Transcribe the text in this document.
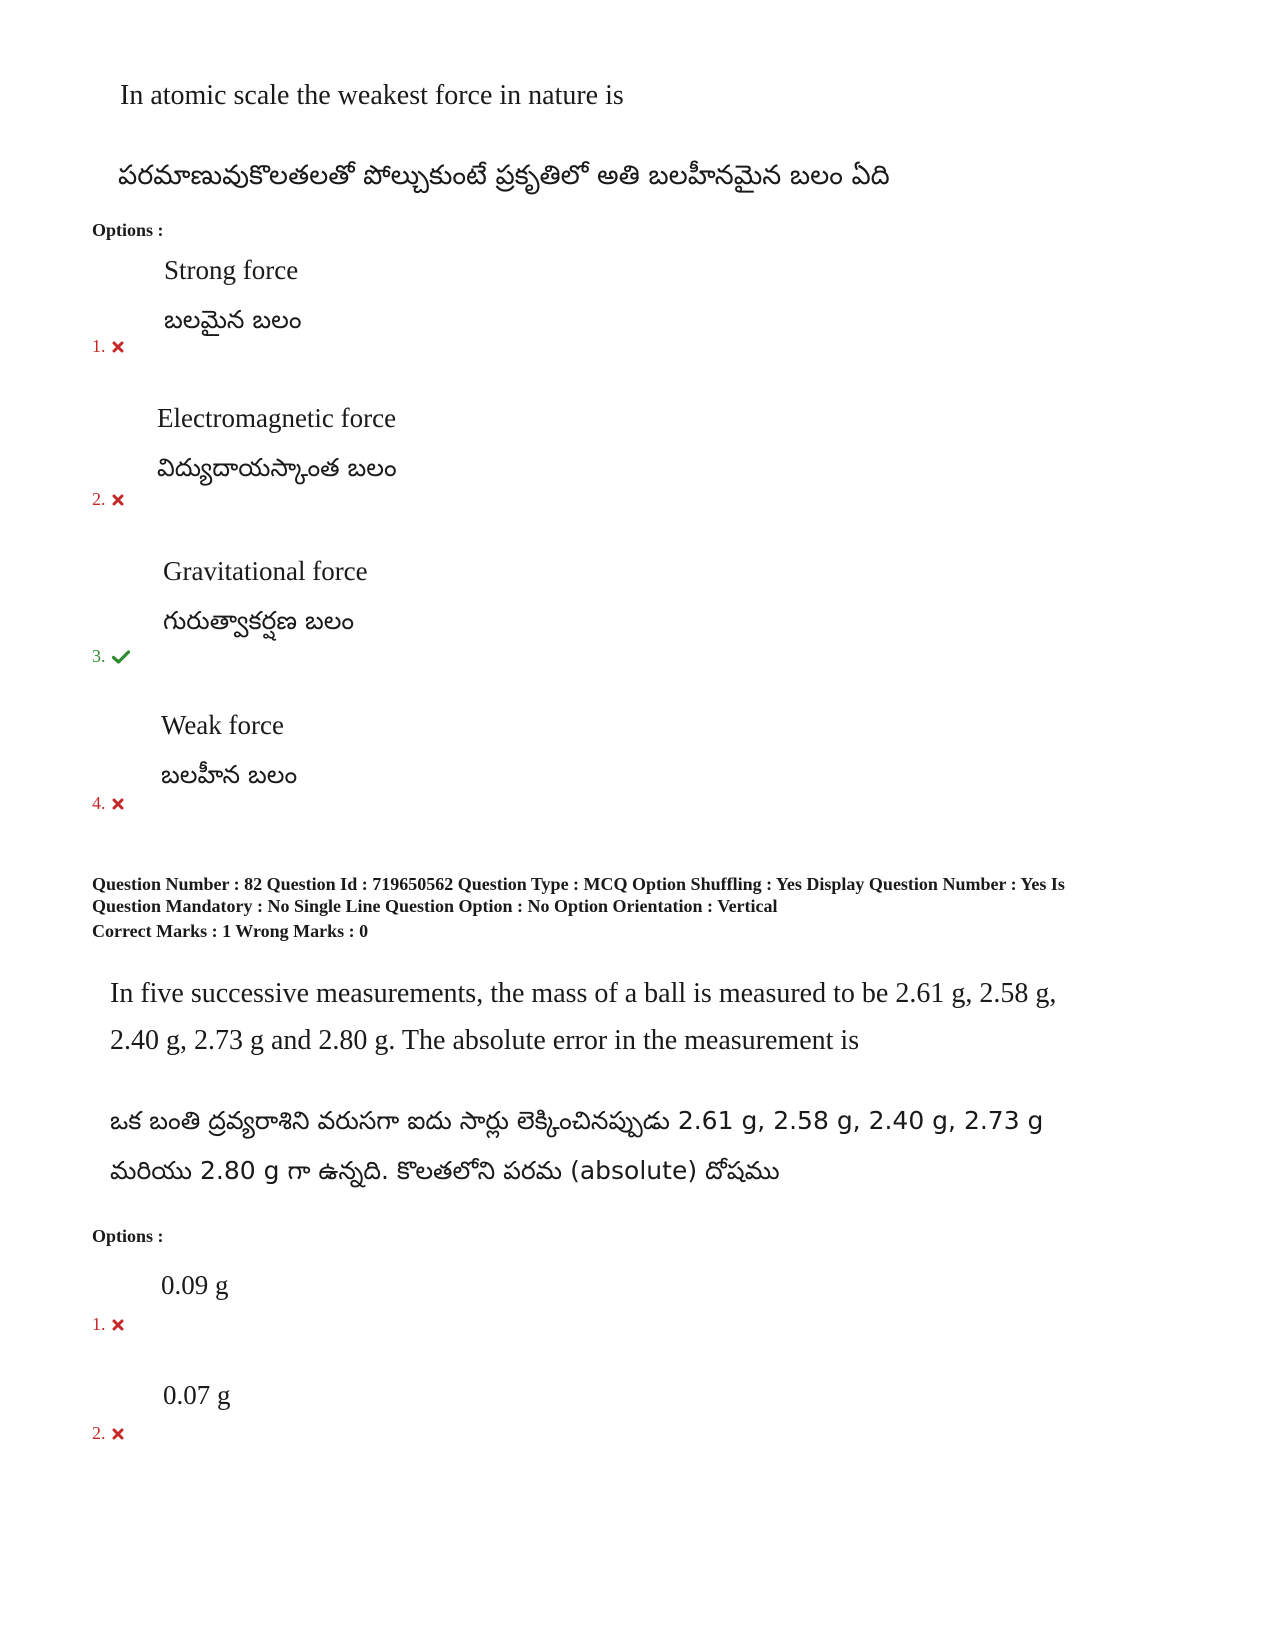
In atomic scale the weakest force in nature is
పరమాణువుకొలతలతో పోల్చుకుంటే ప్రకృతిలో అతి బలహీనమైన బలం ఏది
Options :
Strong force
బలమైన బలం
1.
Electromagnetic force
విద్యుదాయస్కాంత బలం
2.
Gravitational force
గురుత్వాకర్షణ బలం
3.
Weak force
బలహీన బలం
4.
Question Number : 82 Question Id : 719650562 Question Type : MCQ Option Shuffling : Yes Display Question Number : Yes Is
Question Mandatory : No Single Line Question Option : No Option Orientation : Vertical
Correct Marks : 1 Wrong Marks : 0
In five successive measurements, the mass of a ball is measured to be 2.61 g, 2.58 g,
2.40 g, 2.73 g and 2.80 g. The absolute error in the measurement is
ఒక బంతి ద్రవ్యరాశిని వరుసగా ఐదు సార్లు లెక్కించినప్పుడు 2.61 g, 2.58 g, 2.40 g, 2.73 g
మరియు 2.80 g గా ఉన్నది. కొలతలోని పరమ (absolute) దోషము
Options :
0.09 g
1.
0.07 g
2.
